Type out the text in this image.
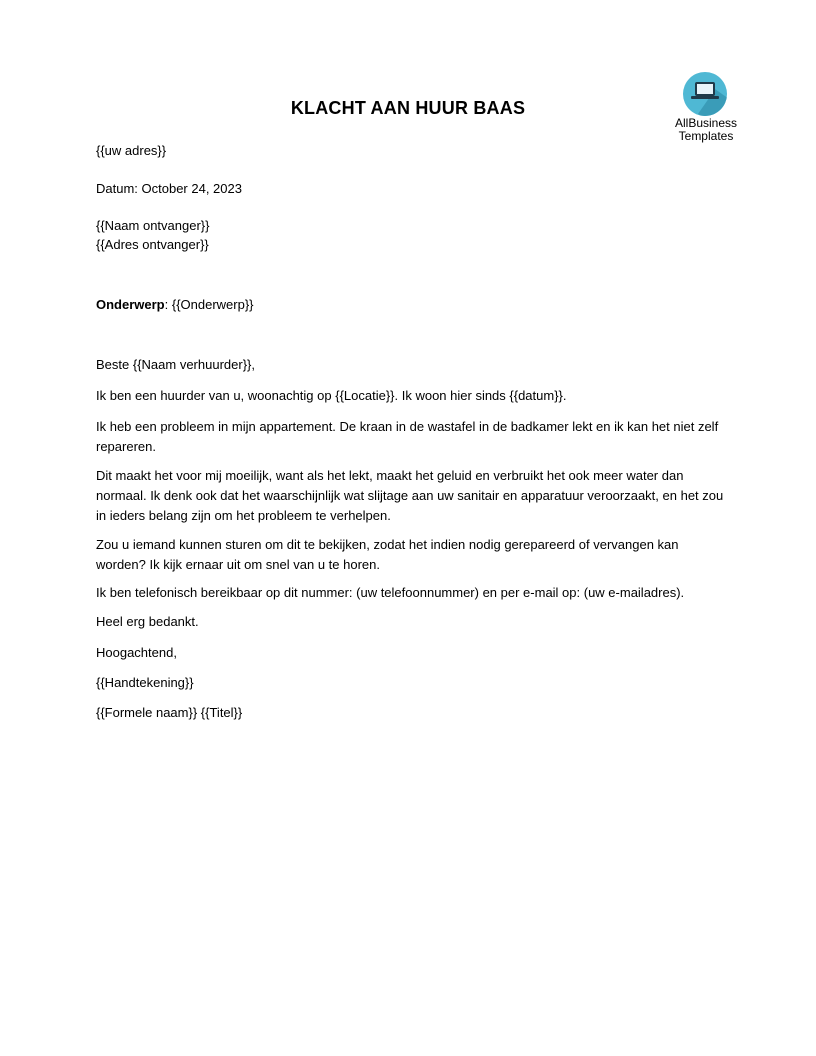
AllBusiness
Templates
KLACHT AAN HUUR BAAS
{{uw adres}}
Datum: October 24, 2023
{{Naam ontvanger}}
{{Adres ontvanger}}
Onderwerp: {{Onderwerp}}
Beste {{Naam verhuurder}},
Ik ben een huurder van u, woonachtig op {{Locatie}}. Ik woon hier sinds {{datum}}.
Ik heb een probleem in mijn appartement. De kraan in de wastafel in de badkamer lekt en ik kan het niet zelf repareren.
Dit maakt het voor mij moeilijk, want als het lekt, maakt het geluid en verbruikt het ook meer water dan normaal. Ik denk ook dat het waarschijnlijk wat slijtage aan uw sanitair en apparatuur veroorzaakt, en het zou in ieders belang zijn om het probleem te verhelpen.
Zou u iemand kunnen sturen om dit te bekijken, zodat het indien nodig gerepareerd of vervangen kan worden? Ik kijk ernaar uit om snel van u te horen.
Ik ben telefonisch bereikbaar op dit nummer: (uw telefoonnummer) en per e-mail op: (uw e-mailadres).
Heel erg bedankt.
Hoogachtend,
{{Handtekening}}
{{Formele naam}} {{Titel}}
